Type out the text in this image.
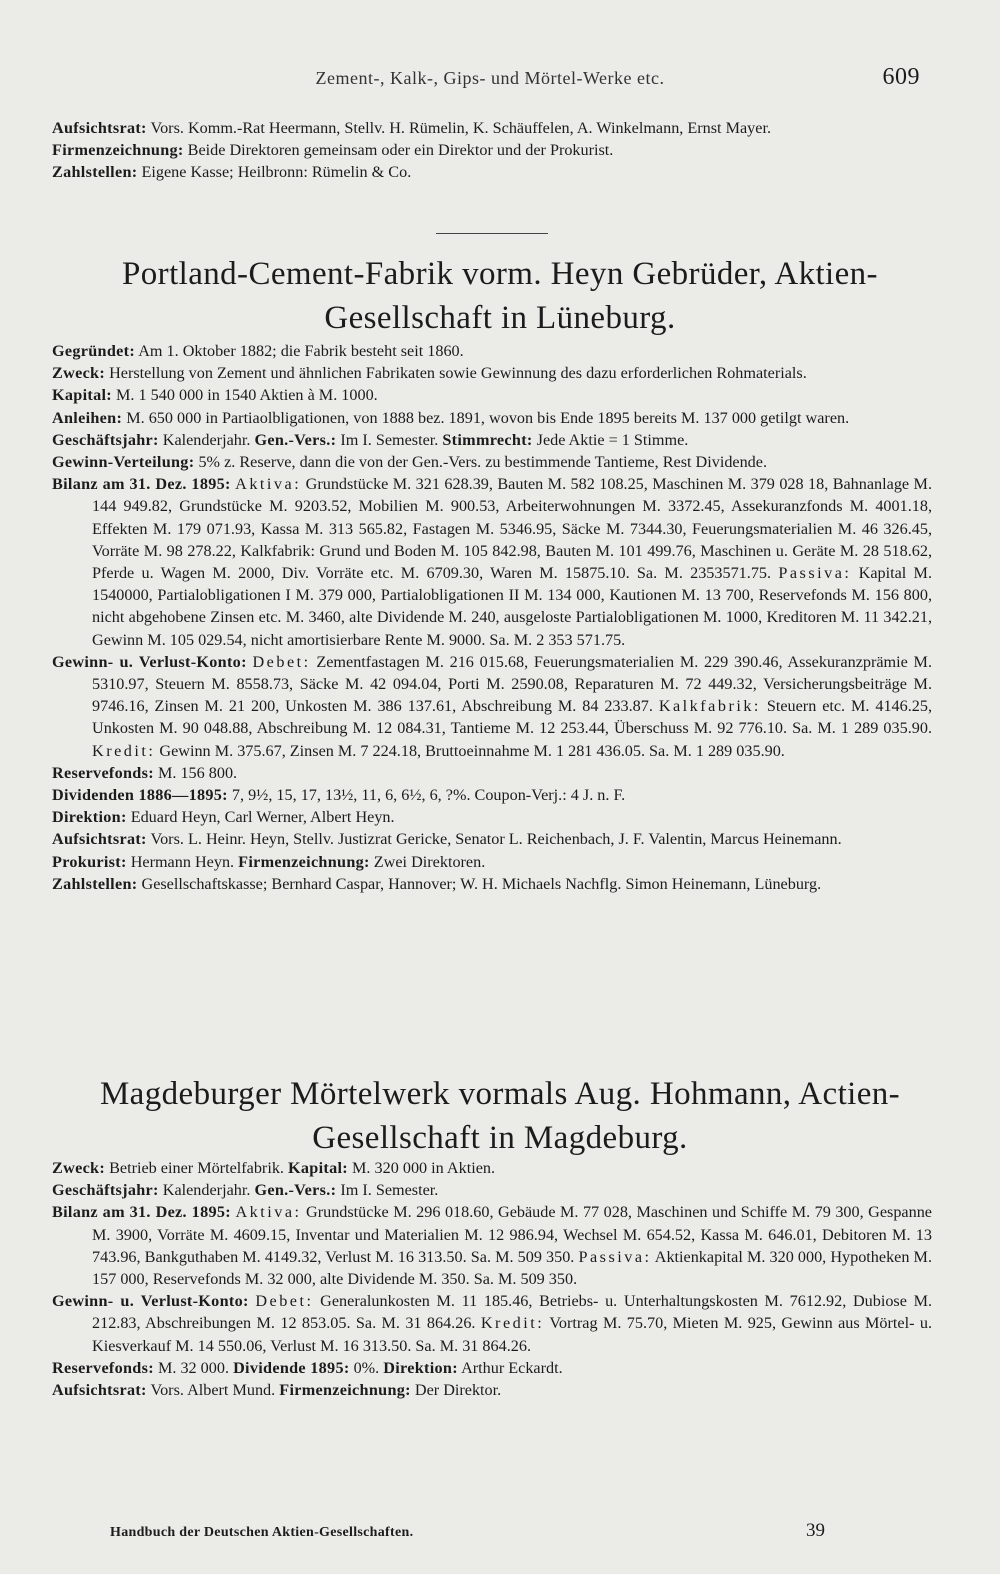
Zement-, Kalk-, Gips- und Mörtel-Werke etc.	609

Aufsichtsrat: Vors. Komm.-Rat Heermann, Stellv. H. Rümelin, K. Schäuffelen, A. Winkelmann, Ernst Mayer.

Firmenzeichnung: Beide Direktoren gemeinsam oder ein Direktor und der Prokurist.

Zahlstellen: Eigene Kasse; Heilbronn: Rümelin & Co.

Portland-Cement-Fabrik vorm. Heyn Gebrüder, Aktien-
Gesellschaft in Lüneburg.

Gegründet: Am 1. Oktober 1882; die Fabrik besteht seit 1860.

Zweck: Herstellung von Zement und ähnlichen Fabrikaten sowie Gewinnung des dazu erforderlichen Rohmaterials.

Kapital: M. 1 540 000 in 1540 Aktien à M. 1000.

Anleihen: M. 650 000 in Partiaolbligationen, von 1888 bez. 1891, wovon bis Ende 1895 bereits M. 137 000 getilgt waren.

Geschäftsjahr: Kalenderjahr. Gen.-Vers.: Im I. Semester. Stimmrecht: Jede Aktie = 1 Stimme.

Gewinn-Verteilung: 5% z. Reserve, dann die von der Gen.-Vers. zu bestimmende Tantieme, Rest Dividende.

Bilanz am 31. Dez. 1895: Aktiva: Grundstücke M. 321 628.39, Bauten M. 582 108.25, Maschinen M. 379 028 18, Bahnanlage M. 144 949.82, Grundstücke M. 9203.52, Mobilien M. 900.53, Arbeiterwohnungen M. 3372.45, Assekuranzfonds M. 4001.18, Effekten M. 179 071.93, Kassa M. 313 565.82, Fastagen M. 5346.95, Säcke M. 7344.30, Feuerungsmaterialien M. 46 326.45, Vorräte M. 98 278.22, Kalkfabrik: Grund und Boden M. 105 842.98, Bauten M. 101 499.76, Maschinen u. Geräte M. 28 518.62, Pferde u. Wagen M. 2000, Div. Vorräte etc. M. 6709.30, Waren M. 15875.10. Sa. M. 2353571.75. Passiva: Kapital M. 1540000, Partialobligationen I M. 379 000, Partialobligationen II M. 134 000, Kautionen M. 13 700, Reservefonds M. 156 800, nicht abgehobene Zinsen etc. M. 3460, alte Dividende M. 240, ausgeloste Partialobligationen M. 1000, Kreditoren M. 11 342.21, Gewinn M. 105 029.54, nicht amortisierbare Rente M. 9000. Sa. M. 2 353 571.75.

Gewinn- u. Verlust-Konto: Debet: Zementfastagen M. 216 015.68, Feuerungsmaterialien M. 229 390.46, Assekuranzprämie M. 5310.97, Steuern M. 8558.73, Säcke M. 42 094.04, Porti M. 2590.08, Reparaturen M. 72 449.32, Versicherungsbeiträge M. 9746.16, Zinsen M. 21 200, Unkosten M. 386 137.61, Abschreibung M. 84 233.87. Kalkfabrik: Steuern etc. M. 4146.25, Unkosten M. 90 048.88, Abschreibung M. 12 084.31, Tantieme M. 12 253.44, Überschuss M. 92 776.10. Sa. M. 1 289 035.90. Kredit: Gewinn M. 375.67, Zinsen M. 7 224.18, Bruttoeinnahme M. 1 281 436.05. Sa. M. 1 289 035.90.

Reservefonds: M. 156 800.

Dividenden 1886—1895: 7, 9½, 15, 17, 13½, 11, 6, 6½, 6, ?%. Coupon-Verj.: 4 J. n. F.

Direktion: Eduard Heyn, Carl Werner, Albert Heyn.

Aufsichtsrat: Vors. L. Heinr. Heyn, Stellv. Justizrat Gericke, Senator L. Reichenbach, J. F. Valentin, Marcus Heinemann.

Prokurist: Hermann Heyn. Firmenzeichnung: Zwei Direktoren.

Zahlstellen: Gesellschaftskasse; Bernhard Caspar, Hannover; W. H. Michaels Nachflg. Simon Heinemann, Lüneburg.

Magdeburger Mörtelwerk vormals Aug. Hohmann, Actien-
Gesellschaft in Magdeburg.

Zweck: Betrieb einer Mörtelfabrik. Kapital: M. 320 000 in Aktien.

Geschäftsjahr: Kalenderjahr. Gen.-Vers.: Im I. Semester.

Bilanz am 31. Dez. 1895: Aktiva: Grundstücke M. 296 018.60, Gebäude M. 77 028, Maschinen und Schiffe M. 79 300, Gespanne M. 3900, Vorräte M. 4609.15, Inventar und Materialien M. 12 986.94, Wechsel M. 654.52, Kassa M. 646.01, Debitoren M. 13 743.96, Bankguthaben M. 4149.32, Verlust M. 16 313.50. Sa. M. 509 350. Passiva: Aktienkapital M. 320 000, Hypotheken M. 157 000, Reservefonds M. 32 000, alte Dividende M. 350. Sa. M. 509 350.

Gewinn- u. Verlust-Konto: Debet: Generalunkosten M. 11 185.46, Betriebs- u. Unterhaltungskosten M. 7612.92, Dubiose M. 212.83, Abschreibungen M. 12 853.05. Sa. M. 31 864.26. Kredit: Vortrag M. 75.70, Mieten M. 925, Gewinn aus Mörtel- u. Kiesverkauf M. 14 550.06, Verlust M. 16 313.50. Sa. M. 31 864.26.

Reservefonds: M. 32 000. Dividende 1895: 0%. Direktion: Arthur Eckardt.

Aufsichtsrat: Vors. Albert Mund. Firmenzeichnung: Der Direktor.

Handbuch der Deutschen Aktien-Gesellschaften.	39
